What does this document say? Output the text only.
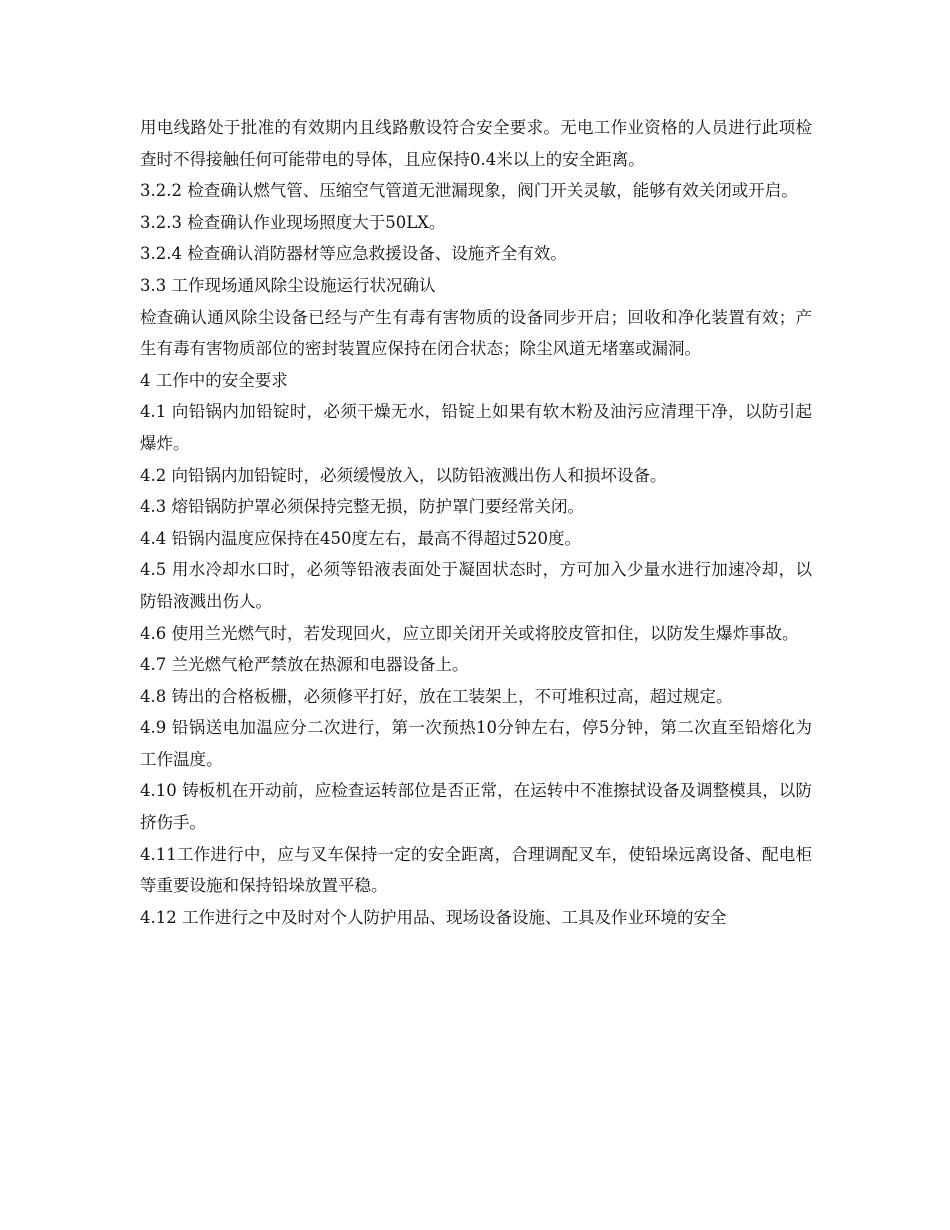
用电线路处于批准的有效期内且线路敷设符合安全要求。无电工作业资格的人员进行此项检查时不得接触任何可能带电的导体，且应保持0.4米以上的安全距离。

3.2.2 检查确认燃气管、压缩空气管道无泄漏现象，阀门开关灵敏，能够有效关闭或开启。

3.2.3 检查确认作业现场照度大于50LX。

3.2.4 检查确认消防器材等应急救援设备、设施齐全有效。

3.3 工作现场通风除尘设施运行状况确认

检查确认通风除尘设备已经与产生有毒有害物质的设备同步开启；回收和净化装置有效；产生有毒有害物质部位的密封装置应保持在闭合状态；除尘风道无堵塞或漏洞。

4 工作中的安全要求

4.1 向铅锅内加铅锭时，必须干燥无水，铅锭上如果有软木粉及油污应清理干净，以防引起爆炸。

4.2 向铅锅内加铅锭时，必须缓慢放入，以防铅液溅出伤人和损坏设备。

4.3 熔铅锅防护罩必须保持完整无损，防护罩门要经常关闭。

4.4 铅锅内温度应保持在450度左右，最高不得超过520度。

4.5 用水冷却水口时，必须等铅液表面处于凝固状态时，方可加入少量水进行加速冷却，以防铅液溅出伤人。

4.6 使用兰光燃气时，若发现回火，应立即关闭开关或将胶皮管扣住，以防发生爆炸事故。

4.7 兰光燃气枪严禁放在热源和电器设备上。

4.8 铸出的合格板栅，必须修平打好，放在工装架上，不可堆积过高，超过规定。

4.9 铅锅送电加温应分二次进行，第一次预热10分钟左右，停5分钟，第二次直至铅熔化为工作温度。

4.10 铸板机在开动前，应检查运转部位是否正常，在运转中不准擦拭设备及调整模具，以防挤伤手。

4.11工作进行中，应与叉车保持一定的安全距离，合理调配叉车，使铅垛远离设备、配电柜等重要设施和保持铅垛放置平稳。

4.12 工作进行之中及时对个人防护用品、现场设备设施、工具及作业环境的安全
